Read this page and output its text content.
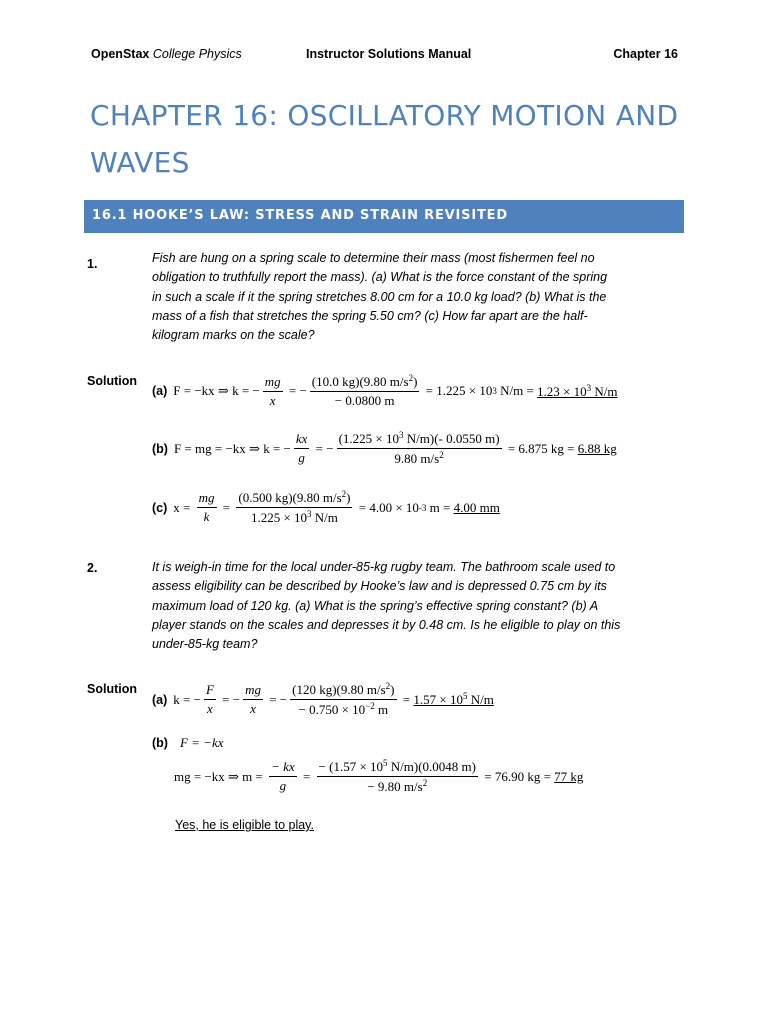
OpenStax College Physics	Instructor Solutions Manual	Chapter 16
CHAPTER 16: OSCILLATORY MOTION AND
WAVES
16.1 HOOKE’S LAW: STRESS AND STRAIN REVISITED
1.	Fish are hung on a spring scale to determine their mass (most fishermen feel no
obligation to truthfully report the mass). (a) What is the force constant of the spring
in such a scale if it the spring stretches 8.00 cm for a 10.0 kg load? (b) What is the
mass of a fish that stretches the spring 5.50 cm? (c) How far apart are the half-
kilogram marks on the scale?
Solution
(a) F = −kx ⇒ k = − $\frac{mg}{x}$ = − $\frac{(10.0 kg)(9.80 m/s^2)}{- 0.0800 m} = 1.225 \times 10$ 3 $N/m = 1.23 \times 10^3$ N/m
(b) F = mg = −kx ⇒ k = − $\frac{kx}{g}$ = − $\frac{(1.225 \times 10^3 N/m)(- 0.0550 m)}{9.80 m/s^2} = 6.875$ kg = 6.88 kg
(c) $x = \frac{mg}{k} = \frac{(0.500 kg)(9.80 m/s^2)}{1.225 \times 10^3 N/m} = 4.00 \times 10$ -3 m = 4.00 mm
2.	It is weigh-in time for the local under-85-kg rugby team. The bathroom scale used to
assess eligibility can be described by Hooke’s law and is depressed 0.75 cm by its
maximum load of 120 kg. (a) What is the spring’s effective spring constant? (b) A
player stands on the scales and depresses it by 0.48 cm. Is he eligible to play on this
under-85-kg team?
Solution
(a) k = − $\frac{F}{x}$ = − $\frac{mg}{x}$ = − $\frac{(120 kg)(9.80 m/s^2)}{- 0.750 \times 10^{-2} m} = 1.57 \times 10^5$ N/m
(b) F = −kx
mg = −kx ⇒ $m = \frac{- kx}{g} = \frac{- (1.57 \times 10^5 N/m)(0.0048 m)}{- 9.80 m/s^2} = 76.90$ kg = 77 kg
Yes, he is eligible to play.
